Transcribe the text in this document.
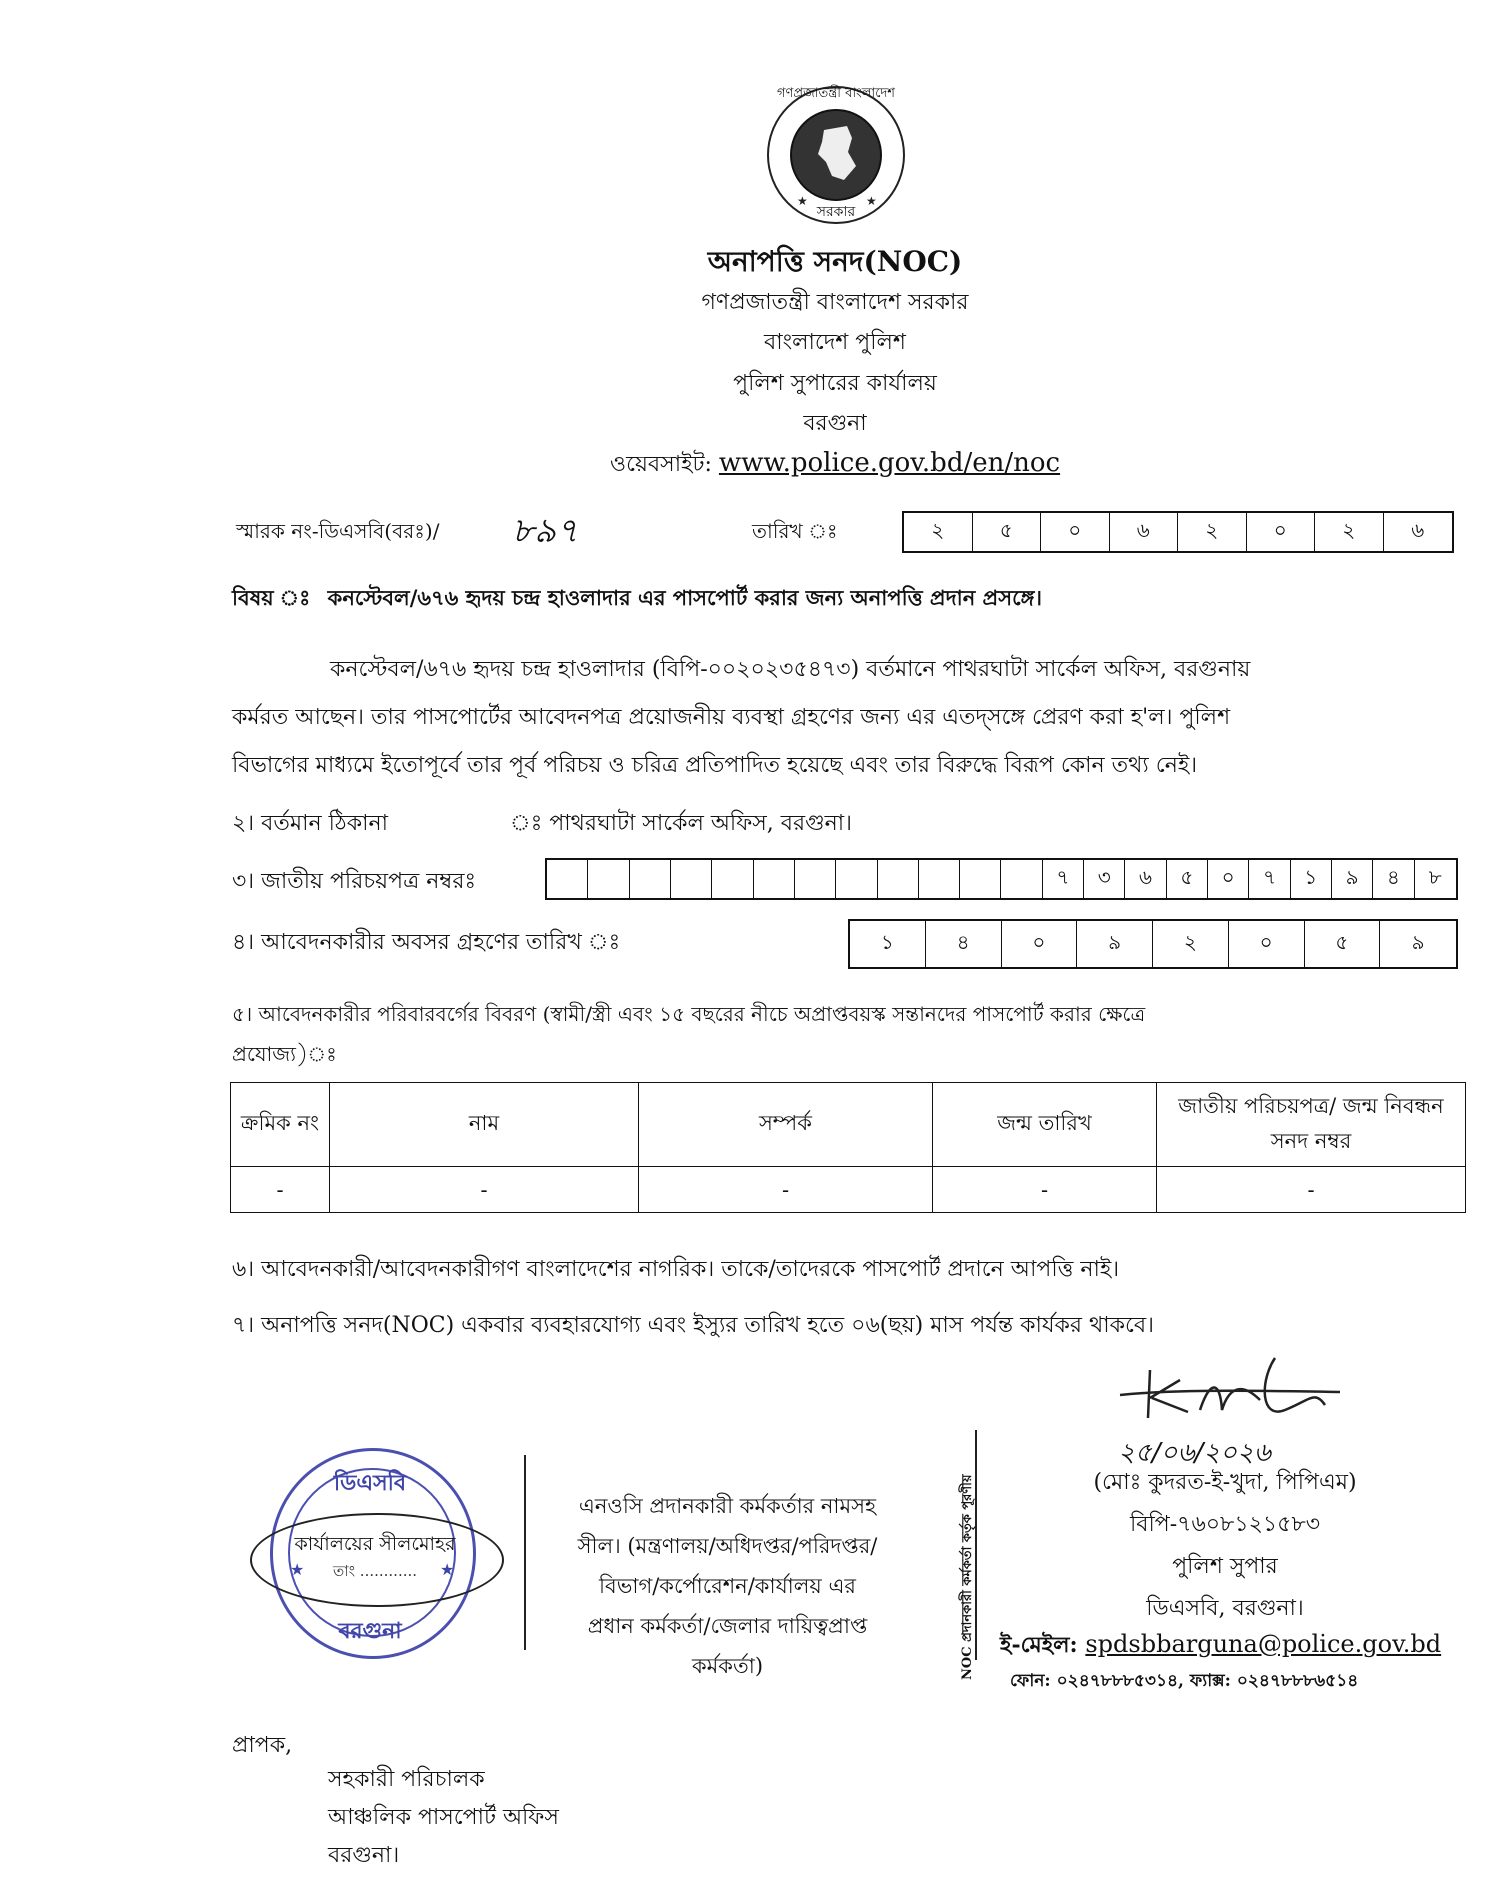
★	★
গণপ্রজাতন্ত্রী বাংলাদেশ
সরকার
অনাপত্তি সনদ(NOC)
গণপ্রজাতন্ত্রী বাংলাদেশ সরকার
বাংলাদেশ পুলিশ
পুলিশ সুপারের কার্যালয়
বরগুনা
ওয়েবসাইট: www.police.gov.bd/en/noc
স্মারক নং-ডিএসবি(বরঃ)/ ৮৯৭	তারিখ ঃ	২	৫	০	৬	২	০	২	৬
বিষয় ঃ কনস্টেবল/৬৭৬ হৃদয় চন্দ্র হাওলাদার এর পাসপোর্ট করার জন্য অনাপত্তি প্রদান প্রসঙ্গে।
কনস্টেবল/৬৭৬ হৃদয় চন্দ্র হাওলাদার (বিপি-০০২০২৩৫৪৭৩) বর্তমানে পাথরঘাটা সার্কেল অফিস, বরগুনায়
কর্মরত আছেন। তার পাসপোর্টের আবেদনপত্র প্রয়োজনীয় ব্যবস্থা গ্রহণের জন্য এর এতদ্সঙ্গে প্রেরণ করা হ'ল। পুলিশ
বিভাগের মাধ্যমে ইতোপূর্বে তার পূর্ব পরিচয় ও চরিত্র প্রতিপাদিত হয়েছে এবং তার বিরুদ্ধে বিরূপ কোন তথ্য নেই।
২। বর্তমান ঠিকানা	ঃ পাথরঘাটা সার্কেল অফিস, বরগুনা।
৩। জাতীয় পরিচয়পত্র নম্বরঃ	৭	৩	৬	৫	০	৭	১	৯	৪	৮
৪। আবেদনকারীর অবসর গ্রহণের তারিখ ঃ	১	৪	০	৯	২	০	৫	৯
৫। আবেদনকারীর পরিবারবর্গের বিবরণ (স্বামী/স্ত্রী এবং ১৫ বছরের নীচে অপ্রাপ্তবয়স্ক সন্তানদের পাসপোর্ট করার ক্ষেত্রে
প্রযোজ্য)ঃ
ক্রমিক নং	নাম	সম্পর্ক	জন্ম তারিখ	জাতীয় পরিচয়পত্র/ জন্ম নিবন্ধন সনদ নম্বর
-	-	-	-	-
৬। আবেদনকারী/আবেদনকারীগণ বাংলাদেশের নাগরিক। তাকে/তাদেরকে পাসপোর্ট প্রদানে আপত্তি নাই।
৭। অনাপত্তি সনদ(NOC) একবার ব্যবহারযোগ্য এবং ইস্যুর তারিখ হতে ০৬(ছয়) মাস পর্যন্ত কার্যকর থাকবে।
ডিএসবি
কার্যালয়ের সীলমোহর
তাং ............
বরগুনা
★	★
এনওসি প্রদানকারী কর্মকর্তার নামসহ
সীল। (মন্ত্রণালয়/অধিদপ্তর/পরিদপ্তর/
বিভাগ/কর্পোরেশন/কার্যালয় এর
প্রধান কর্মকর্তা/জেলার দায়িত্বপ্রাপ্ত
কর্মকর্তা)	NOC প্রদানকারী কর্মকর্তা কর্তৃক পূরণীয়
২৫/০৬/২০২৬
(মোঃ কুদরত-ই-খুদা, পিপিএম)
বিপি-৭৬০৮১২১৫৮৩
পুলিশ সুপার
ডিএসবি, বরগুনা।
ই-মেইল: spdsbbarguna@police.gov.bd
ফোন: ০২৪৭৮৮৮৫৩১৪, ফ্যাক্স: ০২৪৭৮৮৮৬৫১৪
প্রাপক,
সহকারী পরিচালক
আঞ্চলিক পাসপোর্ট অফিস
বরগুনা।
